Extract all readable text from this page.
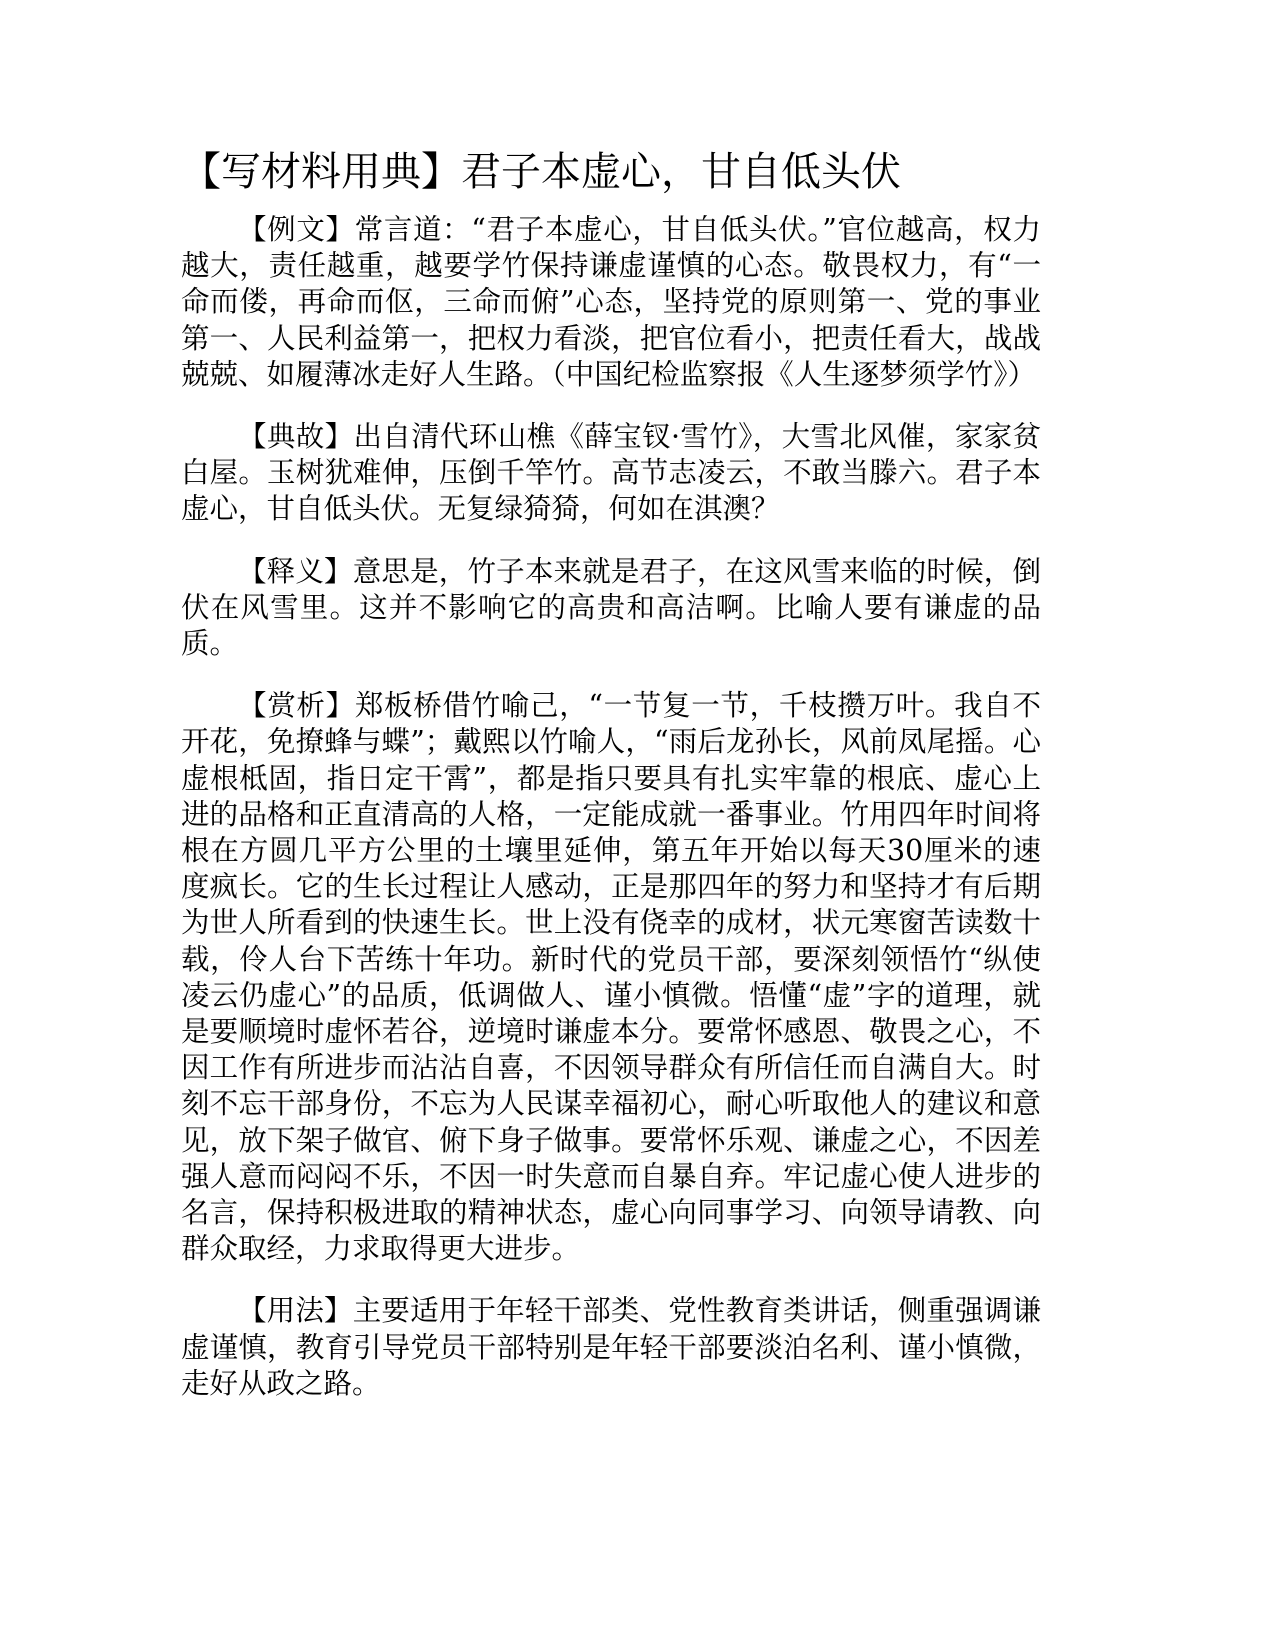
【写材料用典】君子本虚心，甘自低头伏

【例文】常言道：“君子本虚心，甘自低头伏。”官位越高，权力越大，责任越重，越要学竹保持谦虚谨慎的心态。敬畏权力，有“一命而偻，再命而伛，三命而俯”心态，坚持党的原则第一、党的事业第一、人民利益第一，把权力看淡，把官位看小，把责任看大，战战兢兢、如履薄冰走好人生路。（中国纪检监察报《人生逐梦须学竹》）

【典故】出自清代环山樵《薛宝钗·雪竹》，大雪北风催，家家贫白屋。玉树犹难伸，压倒千竿竹。高节志凌云，不敢当滕六。君子本虚心，甘自低头伏。无复绿猗猗，何如在淇澳？

【释义】意思是，竹子本来就是君子，在这风雪来临的时候，倒伏在风雪里。这并不影响它的高贵和高洁啊。比喻人要有谦虚的品质。

【赏析】郑板桥借竹喻己，“一节复一节，千枝攒万叶。我自不开花，免撩蜂与蝶”；戴熙以竹喻人，“雨后龙孙长，风前凤尾摇。心虚根柢固，指日定干霄”，都是指只要具有扎实牢靠的根底、虚心上进的品格和正直清高的人格，一定能成就一番事业。竹用四年时间将根在方圆几平方公里的土壤里延伸，第五年开始以每天30厘米的速度疯长。它的生长过程让人感动，正是那四年的努力和坚持才有后期为世人所看到的快速生长。世上没有侥幸的成材，状元寒窗苦读数十载，伶人台下苦练十年功。新时代的党员干部，要深刻领悟竹“纵使凌云仍虚心”的品质，低调做人、谨小慎微。悟懂“虚”字的道理，就是要顺境时虚怀若谷，逆境时谦虚本分。要常怀感恩、敬畏之心，不因工作有所进步而沾沾自喜，不因领导群众有所信任而自满自大。时刻不忘干部身份，不忘为人民谋幸福初心，耐心听取他人的建议和意见，放下架子做官、俯下身子做事。要常怀乐观、谦虚之心，不因差强人意而闷闷不乐，不因一时失意而自暴自弃。牢记虚心使人进步的名言，保持积极进取的精神状态，虚心向同事学习、向领导请教、向群众取经，力求取得更大进步。

【用法】主要适用于年轻干部类、党性教育类讲话，侧重强调谦虚谨慎，教育引导党员干部特别是年轻干部要淡泊名利、谨小慎微，走好从政之路。
